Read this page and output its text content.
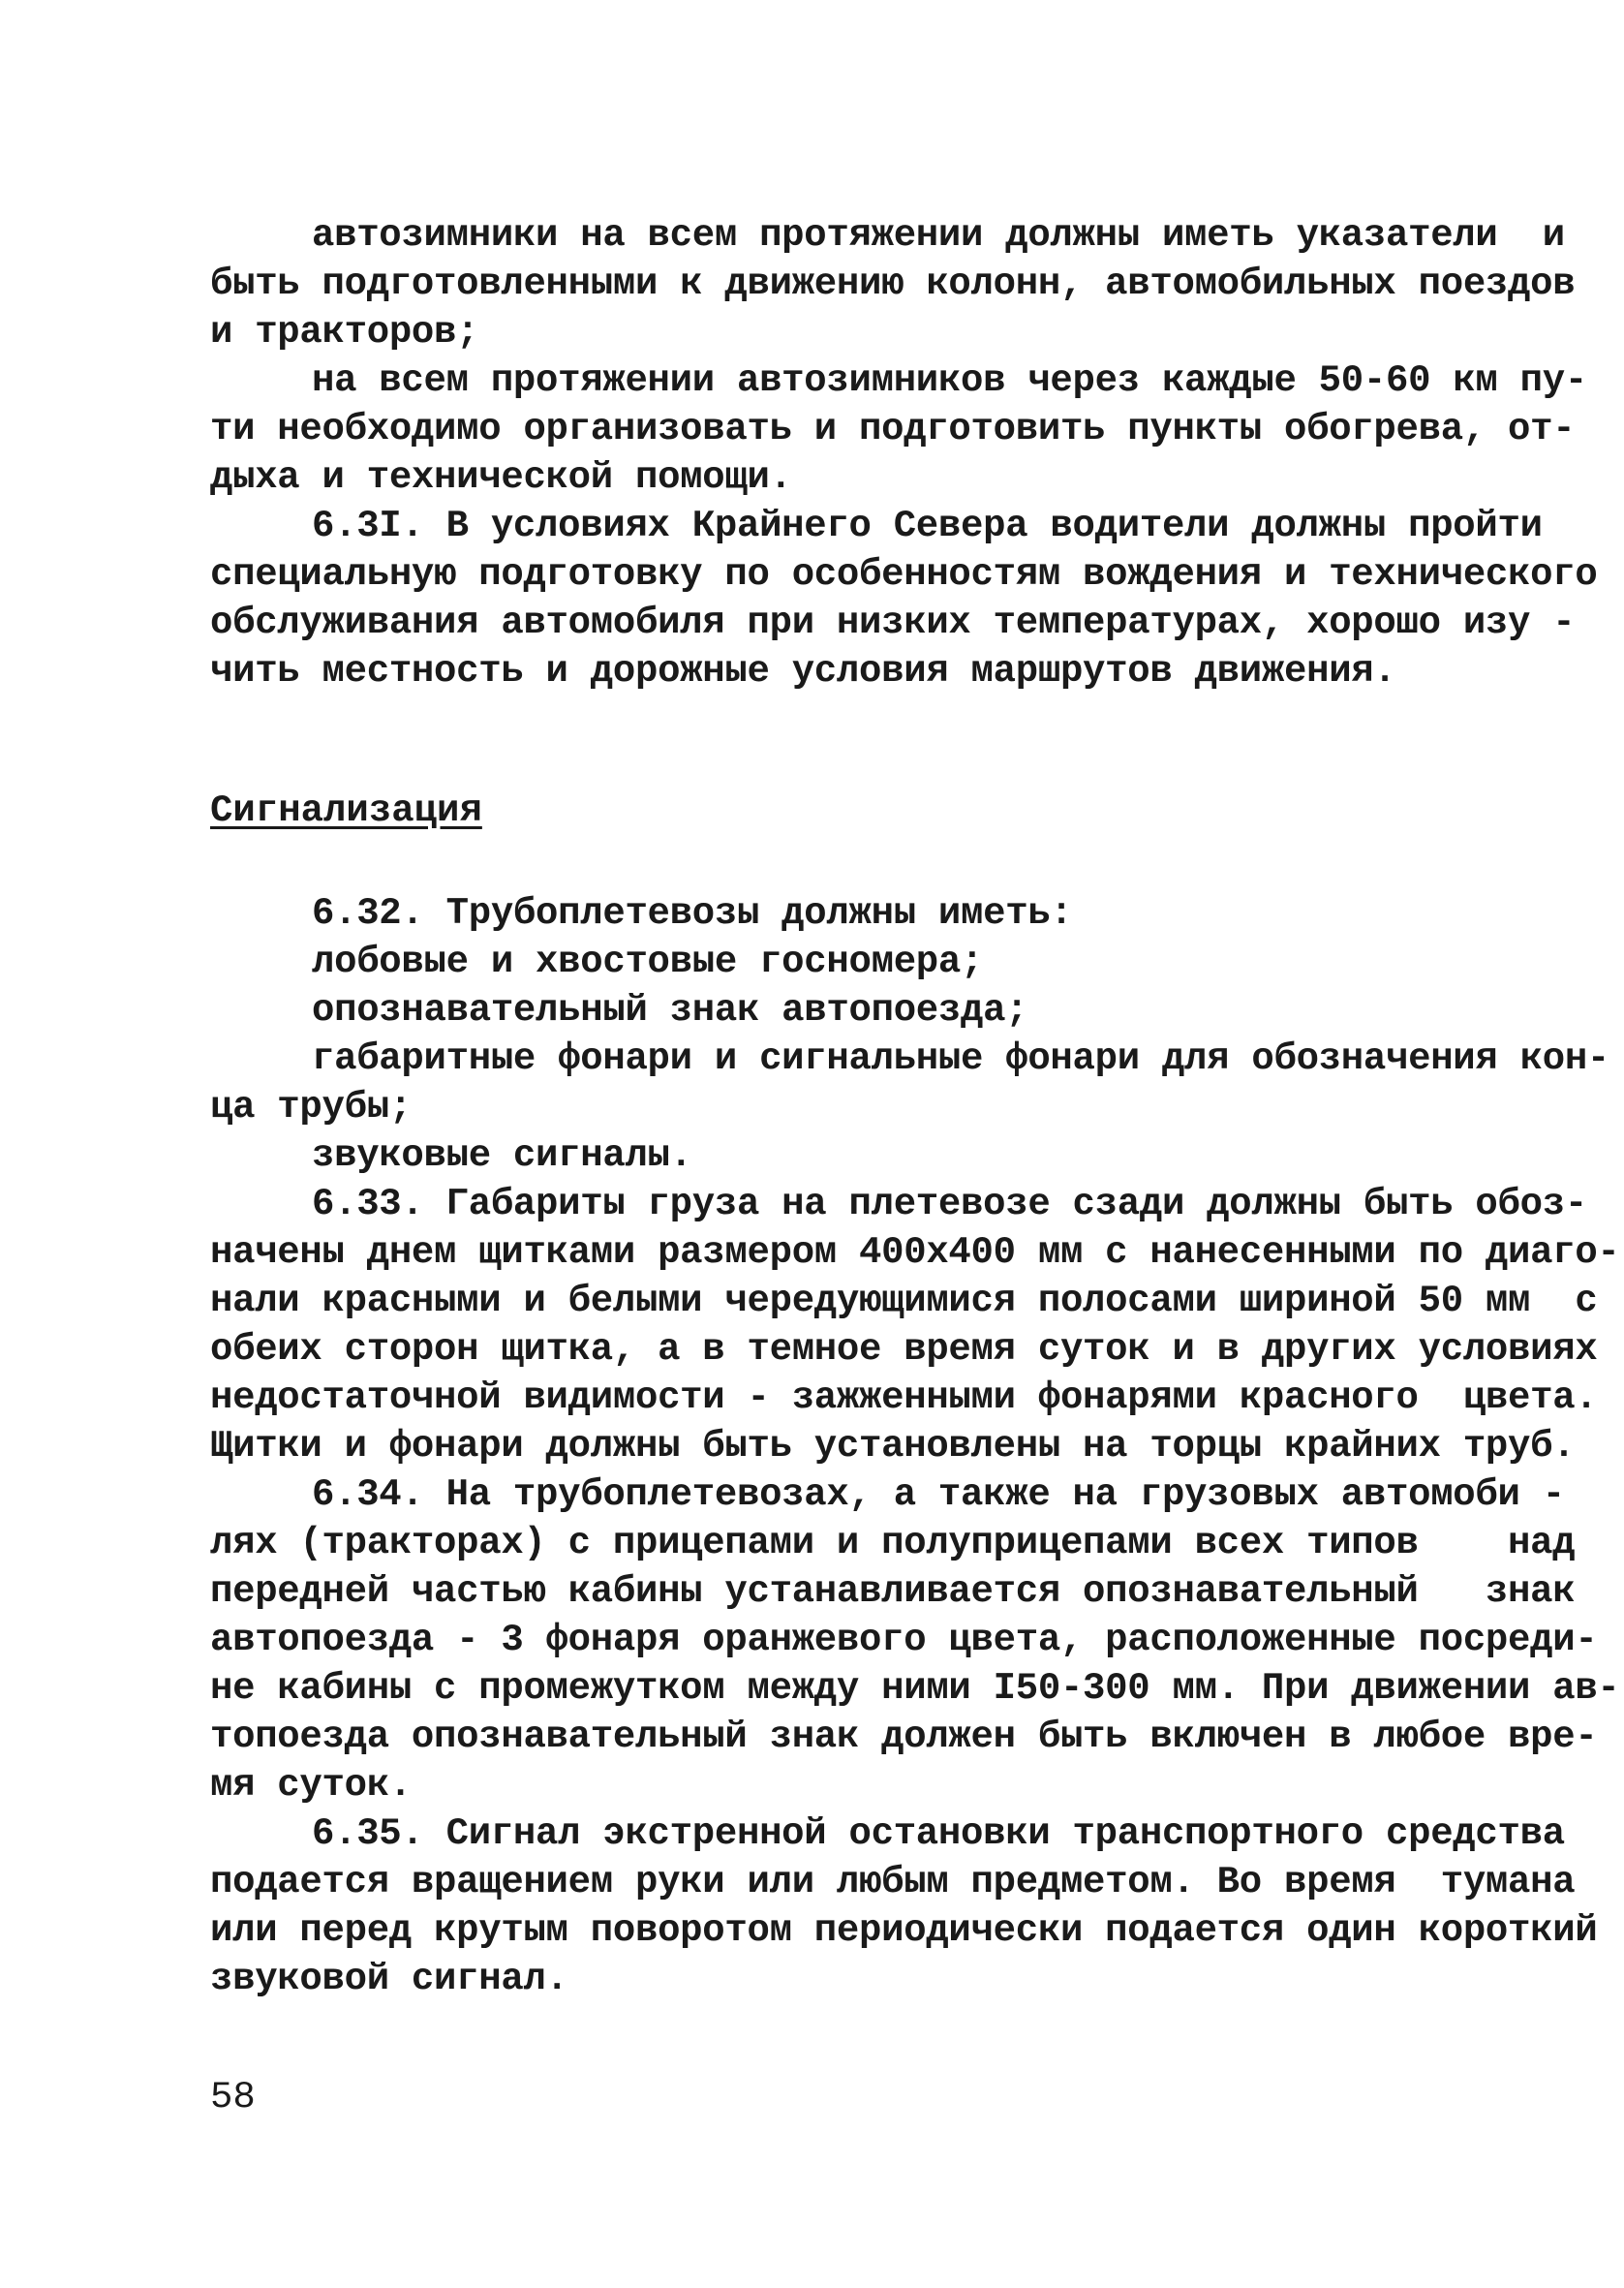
автозимники на всем протяжении должны иметь указатели  и
быть подготовленными к движению колонн, автомобильных поездов
и тракторов;
на всем протяжении автозимников через каждые 50-60 км пу-
ти необходимо организовать и подготовить пункты обогрева, от-
дыха и технической помощи.
6.3I. В условиях Крайнего Севера водители должны пройти
специальную подготовку по особенностям вождения и технического
обслуживания автомобиля при низких температурах, хорошо изу -
чить местность и дорожные условия маршрутов движения.
Сигнализация
6.32. Трубоплетевозы должны иметь:
лобовые и хвостовые госномера;
опознавательный знак автопоезда;
габаритные фонари и сигнальные фонари для обозначения кон-
ца трубы;
звуковые сигналы.
6.33. Габариты груза на плетевозе сзади должны быть обоз-
начены днем щитками размером 400х400 мм с нанесенными по диаго-
нали красными и белыми чередующимися полосами шириной 50 мм  с
обеих сторон щитка, а в темное время суток и в других условиях
недостаточной видимости - зажженными фонарями красного  цвета.
Щитки и фонари должны быть установлены на торцы крайних труб.
6.34. На трубоплетевозах, а также на грузовых автомоби -
лях (тракторах) с прицепами и полуприцепами всех типов    над
передней частью кабины устанавливается опознавательный   знак
автопоезда - 3 фонаря оранжевого цвета, расположенные посреди-
не кабины с промежутком между ними I50-300 мм. При движении ав-
топоезда опознавательный знак должен быть включен в любое вре-
мя суток.
6.35. Сигнал экстренной остановки транспортного средства
подается вращением руки или любым предметом. Во время  тумана
или перед крутым поворотом периодически подается один короткий
звуковой сигнал.
58
